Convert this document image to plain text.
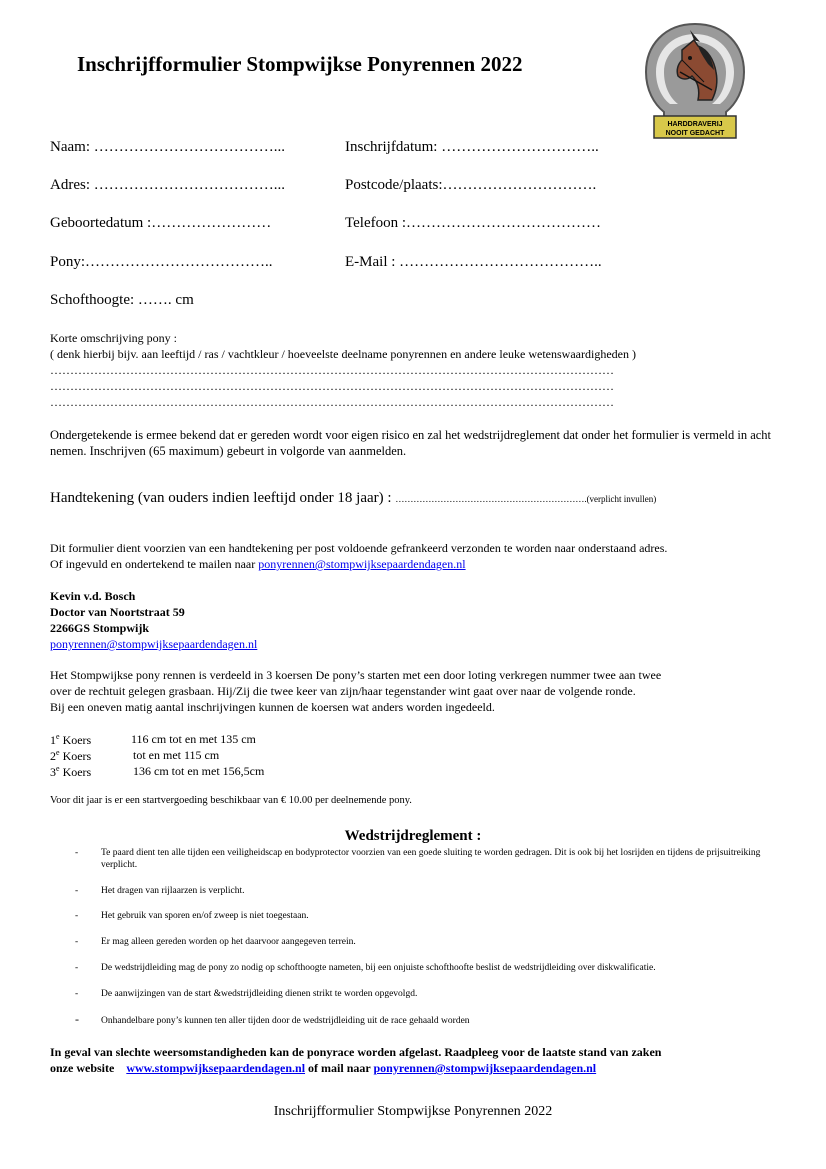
Inschrijfformulier Stompwijkse Ponyrennen 2022
HARDDRAVERIJ
NOOIT GEDACHT
Naam: ………………………………...	Inschrijfdatum: …………………………..
Adres: ………………………………...	Postcode/plaats:………………………….
Geboortedatum :……………………	Telefoon :…………………………………
Pony:………………………………..	E-Mail : …………………………………..
Schofthoogte: ……. cm
Korte omschrijving pony :
( denk hierbij bijv. aan leeftijd / ras / vachtkleur / hoeveelste deelname ponyrennen en andere leuke wetenswaardigheden )
……………………………………………………………………………………………………………………………
……………………………………………………………………………………………………………………………
……………………………………………………………………………………………………………………………
Ondergetekende is ermee bekend dat er gereden wordt voor eigen risico en zal het wedstrijdreglement dat onder het formulier is vermeld in acht nemen. Inschrijven (65 maximum) gebeurt in volgorde van aanmelden.
Handtekening (van ouders indien leeftijd onder 18 jaar) : ……………………………………………………….(verplicht invullen)
Dit formulier dient voorzien van een handtekening per post voldoende gefrankeerd verzonden te worden naar onderstaand adres.
Of ingevuld en ondertekend te mailen naar ponyrennen@stompwijksepaardendagen.nl
Kevin v.d. Bosch
Doctor van Noortstraat 59
2266GS Stompwijk
ponyrennen@stompwijksepaardendagen.nl
Het Stompwijkse pony rennen is verdeeld in 3 koersen De pony’s starten met een door loting verkregen nummer twee aan twee
over de rechtuit gelegen grasbaan. Hij/Zij die twee keer van zijn/haar tegenstander wint gaat over naar de volgende ronde.
Bij een oneven matig aantal inschrijvingen kunnen de koersen wat anders worden ingedeeld.
1e Koers	116 cm tot en met 135 cm
2e Koers	tot en met 115 cm
3e Koers	136 cm tot en met 156,5cm
Voor dit jaar is er een startvergoeding beschikbaar van € 10.00 per deelnemende pony.
Wedstrijdreglement :
- Te paard dient ten alle tijden een veiligheidscap en bodyprotector voorzien van een goede sluiting te worden gedragen. Dit is ook bij het losrijden en tijdens de prijsuitreiking verplicht.
- Het dragen van rijlaarzen is verplicht.
- Het gebruik van sporen en/of zweep is niet toegestaan.
- Er mag alleen gereden worden op het daarvoor aangegeven terrein.
- De wedstrijdleiding mag de pony zo nodig op schofthoogte nameten, bij een onjuiste schofthoofte beslist de wedstrijdleiding over diskwalificatie.
- De aanwijzingen van de start &wedstrijdleiding dienen strikt te worden opgevolgd.
- Onhandelbare pony’s kunnen ten aller tijden door de wedstrijdleiding uit de race gehaald worden
In geval van slechte weersomstandigheden kan de ponyrace worden afgelast. Raadpleeg voor de laatste stand van zaken
onze website www.stompwijksepaardendagen.nl of mail naar ponyrennen@stompwijksepaardendagen.nl
Inschrijfformulier Stompwijkse Ponyrennen 2022
